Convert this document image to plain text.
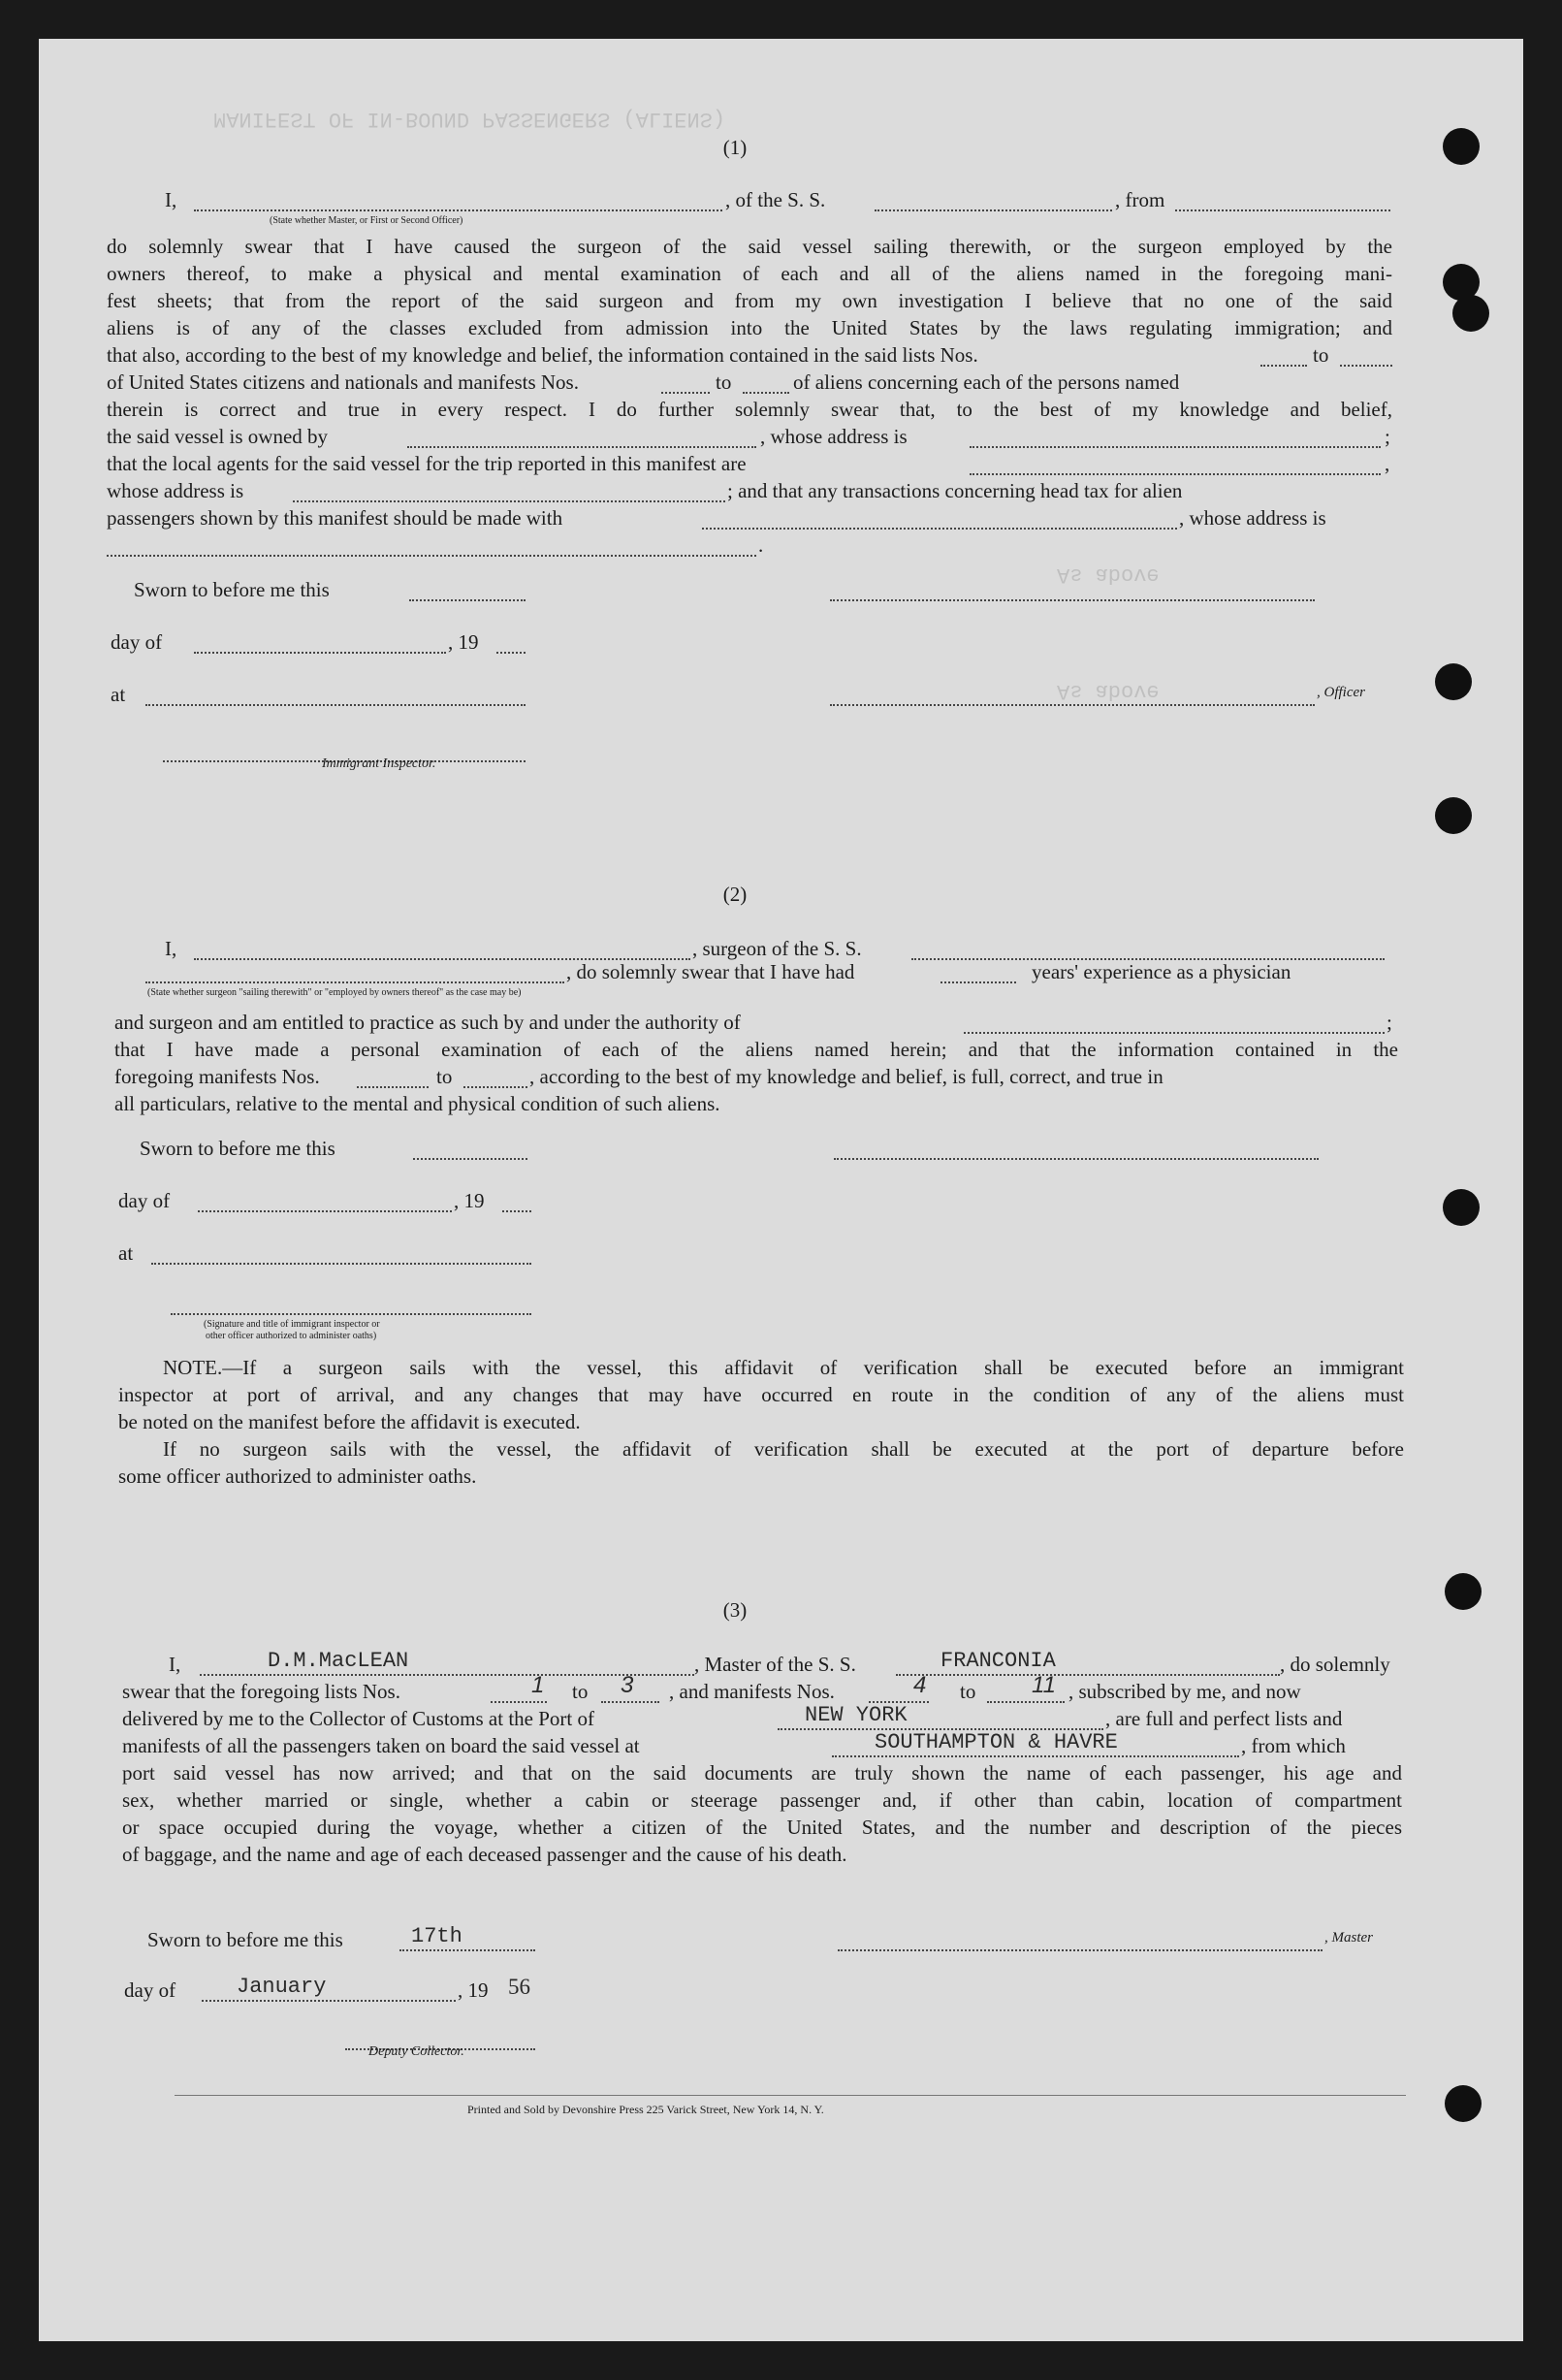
MANIFEST OF IN-BOUND PASSENGERS (ALIENS)
As above
As above
(1)
I,	, of the S. S.	, from
(State whether Master, or First or Second Officer)
do solemnly swear that I have caused the surgeon of the said vessel sailing therewith, or the surgeon employed by the
owners thereof, to make a physical and mental examination of each and all of the aliens named in the foregoing mani-
fest sheets; that from the report of the said surgeon and from my own investigation I believe that no one of the said
aliens is of any of the classes excluded from admission into the United States by the laws regulating immigration; and
that also, according to the best of my knowledge and belief, the information contained in the said lists Nos.	to
of United States citizens and nationals and manifests Nos.	to	of aliens concerning each of the persons named
therein is correct and true in every respect. I do further solemnly swear that, to the best of my knowledge and belief,
the said vessel is owned by	, whose address is	;
that the local agents for the said vessel for the trip reported in this manifest are	,
whose address is	; and that any transactions concerning head tax for alien
passengers shown by this manifest should be made with	, whose address is
.
Sworn to before me this
day of	, 19
at	, Officer
Immigrant Inspector.
(2)
I,	, surgeon of the S. S.
, do solemnly swear that I have had	years' experience as a physician
(State whether surgeon "sailing therewith" or "employed by owners thereof" as the case may be)
and surgeon and am entitled to practice as such by and under the authority of	;
that I have made a personal examination of each of the aliens named herein; and that the information contained in the
foregoing manifests Nos.	to	, according to the best of my knowledge and belief, is full, correct, and true in
all particulars, relative to the mental and physical condition of such aliens.
Sworn to before me this
day of	, 19
at
(Signature and title of immigrant inspector or
other officer authorized to administer oaths)
NOTE.—If a surgeon sails with the vessel, this affidavit of verification shall be executed before an immigrant
inspector at port of arrival, and any changes that may have occurred en route in the condition of any of the aliens must
be noted on the manifest before the affidavit is executed.
If no surgeon sails with the vessel, the affidavit of verification shall be executed at the port of departure before
some officer authorized to administer oaths.
(3)
I,	D.M.MacLEAN	, Master of the S. S.	FRANCONIA	, do solemnly
swear that the foregoing lists Nos.	1 to 3 , and manifests Nos.	4 to 11 , subscribed by me, and now
delivered by me to the Collector of Customs at the Port of	NEW YORK	, are full and perfect lists and
manifests of all the passengers taken on board the said vessel at	SOUTHAMPTON & HAVRE	, from which
port said vessel has now arrived; and that on the said documents are truly shown the name of each passenger, his age and
sex, whether married or single, whether a cabin or steerage passenger and, if other than cabin, location of compartment
or space occupied during the voyage, whether a citizen of the United States, and the number and description of the pieces
of baggage, and the name and age of each deceased passenger and the cause of his death.
Sworn to before me this	17th	, Master
day of	January	, 19 56
Deputy Collector.
Printed and Sold by Devonshire Press 225 Varick Street, New York 14, N. Y.
